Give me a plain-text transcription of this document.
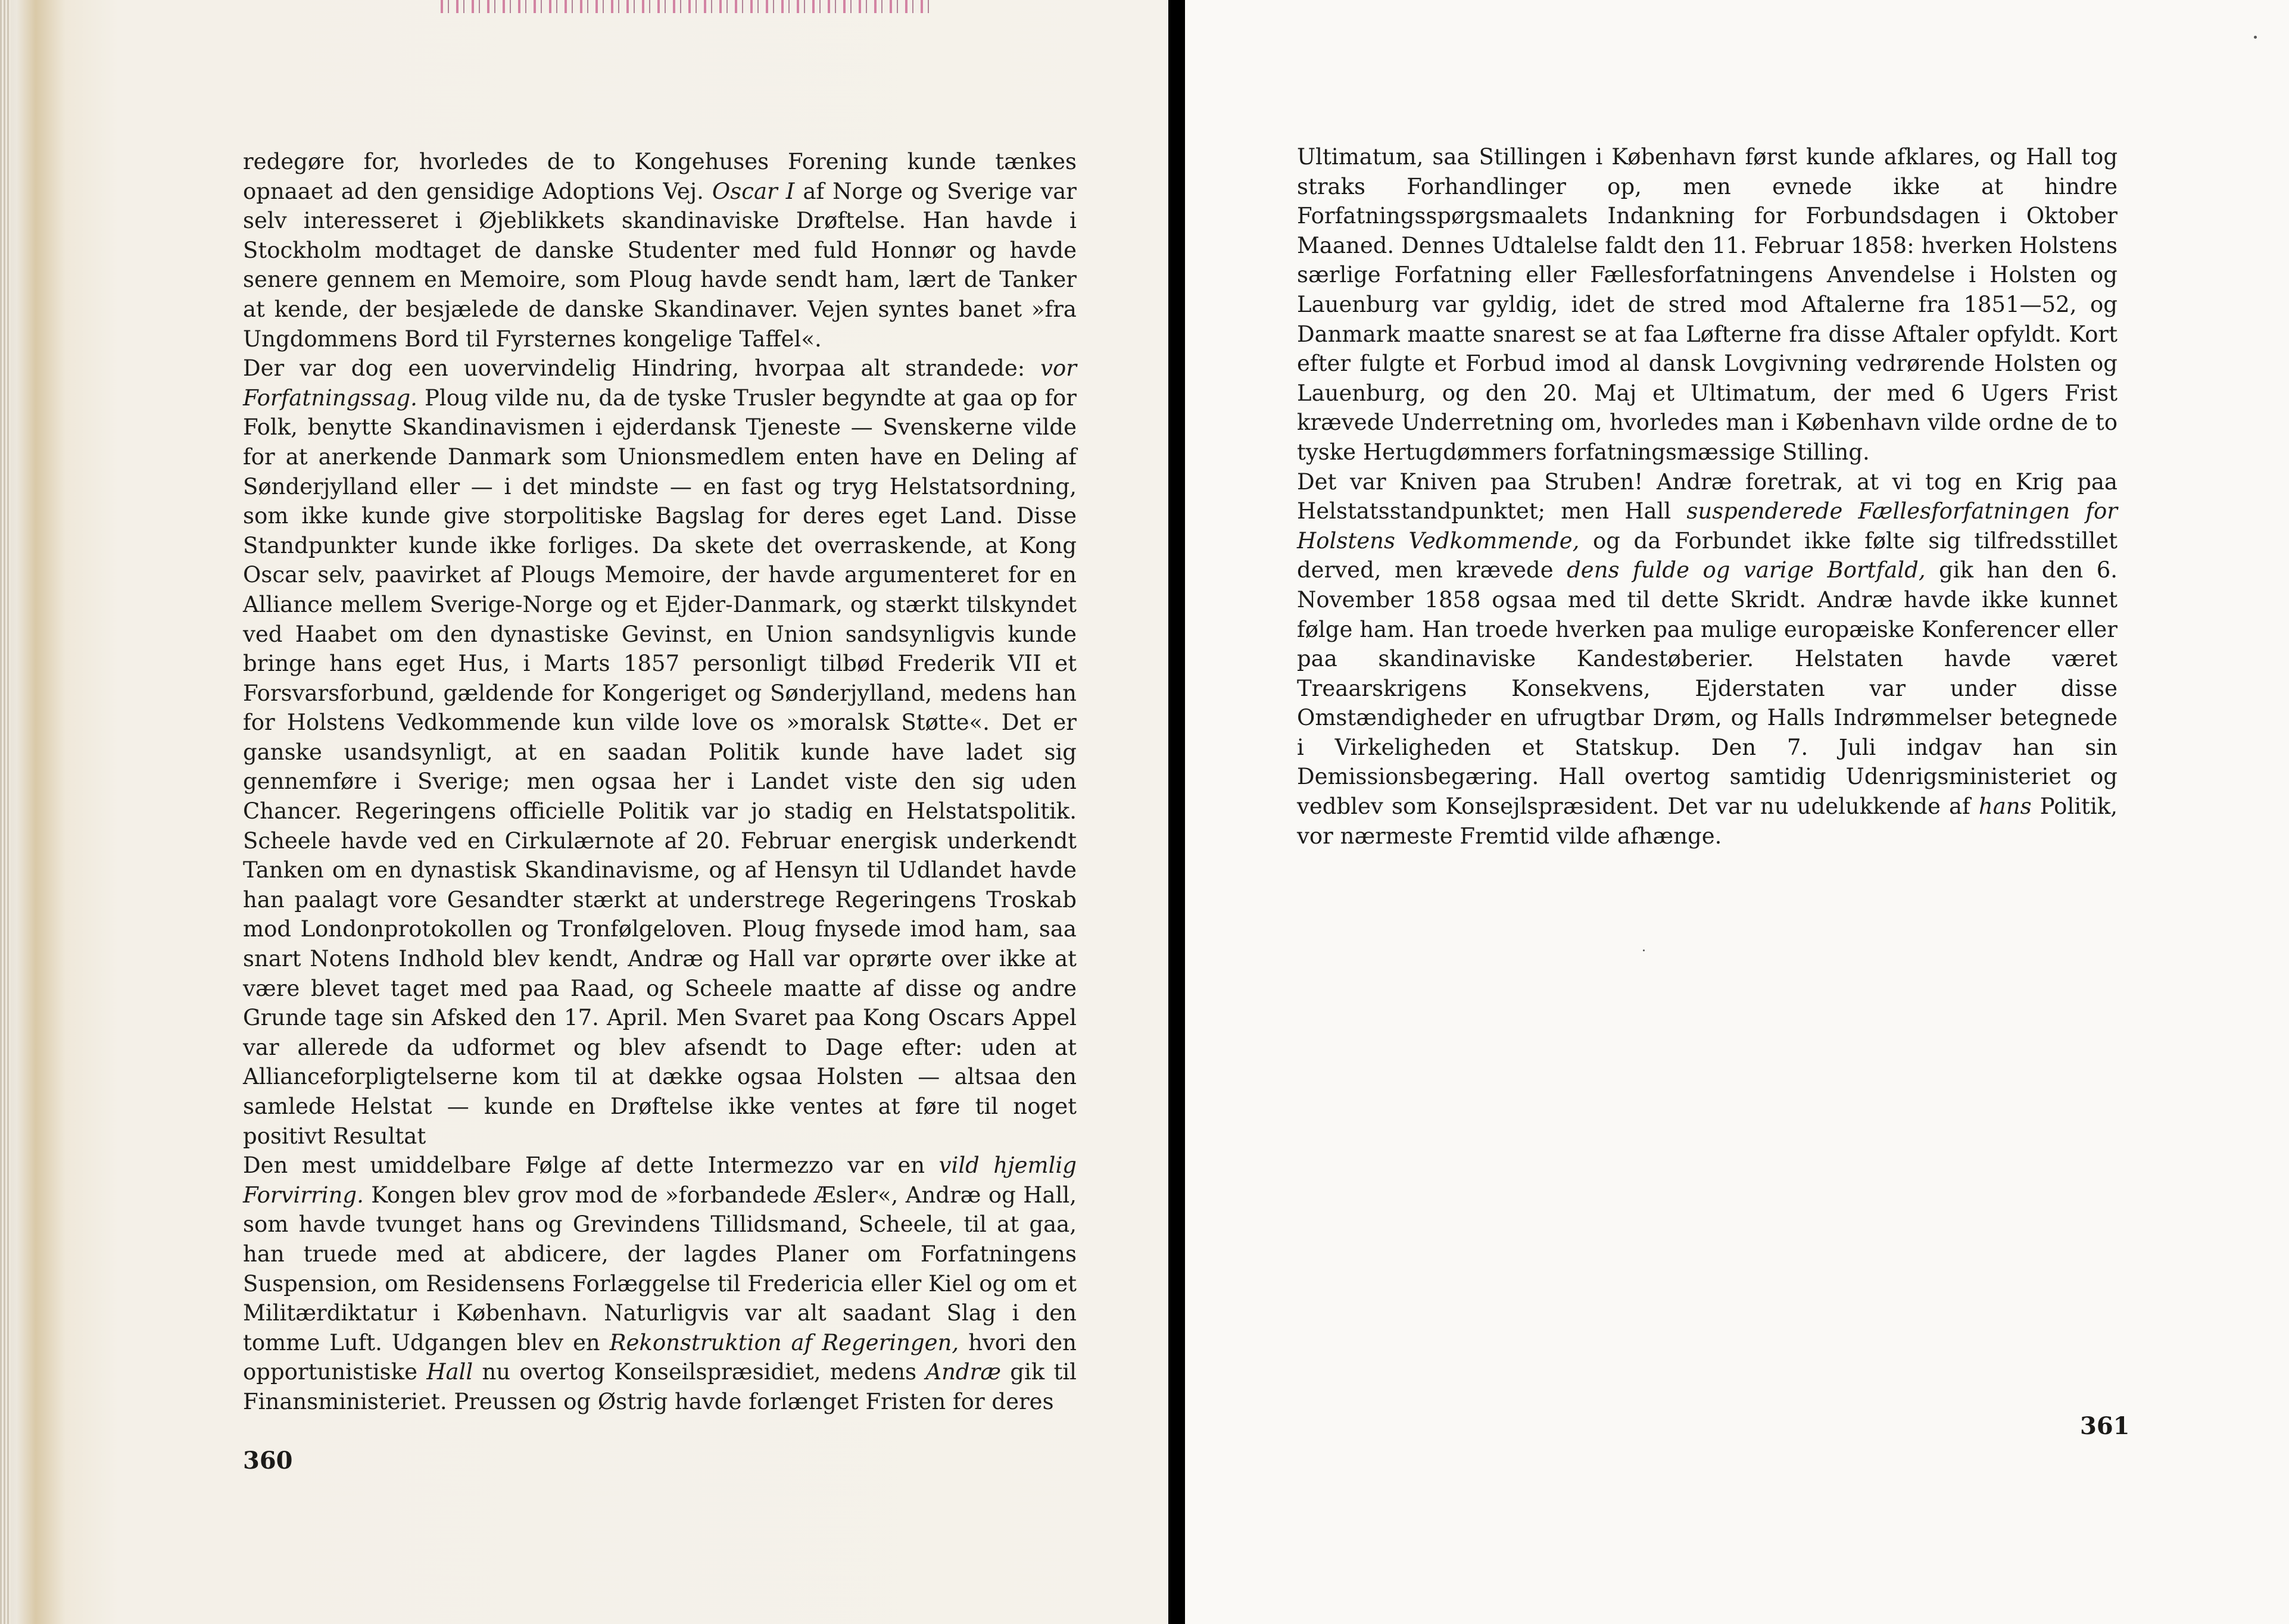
redegøre for, hvorledes de to Kongehuses Forening kunde tænkes opnaaet ad den gensidige Adoptions Vej. Oscar I af Norge og Sverige var selv interesseret i Øjeblikkets skandinaviske Drøftelse. Han havde i Stockholm modtaget de danske Studenter med fuld Honnør og havde senere gennem en Memoire, som Ploug havde sendt ham, lært de Tanker at kende, der besjælede de danske Skandinaver. Vejen syntes banet »fra Ungdommens Bord til Fyrsternes kongelige Taffel«.

Der var dog een uovervindelig Hindring, hvorpaa alt strandede: vor Forfatningssag. Ploug vilde nu, da de tyske Trusler begyndte at gaa op for Folk, benytte Skandinavismen i ejderdansk Tjeneste — Svenskerne vilde for at anerkende Danmark som Unionsmedlem enten have en Deling af Sønderjylland eller — i det mindste — en fast og tryg Helstatsordning, som ikke kunde give storpolitiske Bagslag for deres eget Land. Disse Standpunkter kunde ikke forliges. Da skete det overraskende, at Kong Oscar selv, paavirket af Plougs Memoire, der havde argumenteret for en Alliance mellem Sverige-Norge og et Ejder-Danmark, og stærkt tilskyndet ved Haabet om den dynastiske Gevinst, en Union sandsynligvis kunde bringe hans eget Hus, i Marts 1857 personligt tilbød Frederik VII et Forsvarsforbund, gældende for Kongeriget og Sønderjylland, medens han for Holstens Vedkommende kun vilde love os »moralsk Støtte«. Det er ganske usandsynligt, at en saadan Politik kunde have ladet sig gennemføre i Sverige; men ogsaa her i Landet viste den sig uden Chancer. Regeringens officielle Politik var jo stadig en Helstatspolitik. Scheele havde ved en Cirkulærnote af 20. Februar energisk underkendt Tanken om en dynastisk Skandinavisme, og af Hensyn til Udlandet havde han paalagt vore Gesandter stærkt at understrege Regeringens Troskab mod Londonprotokollen og Tronfølgeloven. Ploug fnysede imod ham, saa snart Notens Indhold blev kendt, Andræ og Hall var oprørte over ikke at være blevet taget med paa Raad, og Scheele maatte af disse og andre Grunde tage sin Afsked den 17. April. Men Svaret paa Kong Oscars Appel var allerede da udformet og blev afsendt to Dage efter: uden at Allianceforpligtelserne kom til at dække ogsaa Holsten — altsaa den samlede Helstat — kunde en Drøftelse ikke ventes at føre til noget positivt Resultat

Den mest umiddelbare Følge af dette Intermezzo var en vild hjemlig Forvirring. Kongen blev grov mod de »forbandede Æsler«, Andræ og Hall, som havde tvunget hans og Grevindens Tillidsmand, Scheele, til at gaa, han truede med at abdicere, der lagdes Planer om Forfatningens Suspension, om Residensens Forlæggelse til Fredericia eller Kiel og om et Militærdiktatur i København. Naturligvis var alt saadant Slag i den tomme Luft. Udgangen blev en Rekonstruktion af Regeringen, hvori den opportunistiske Hall nu overtog Konseilspræsidiet, medens Andræ gik til Finansministeriet. Preussen og Østrig havde forlænget Fristen for deres

360

Ultimatum, saa Stillingen i København først kunde afklares, og Hall tog straks Forhandlinger op, men evnede ikke at hindre Forfatningsspørgsmaalets Indankning for Forbundsdagen i Oktober Maaned. Dennes Udtalelse faldt den 11. Februar 1858: hverken Holstens særlige Forfatning eller Fællesforfatningens Anvendelse i Holsten og Lauenburg var gyldig, idet de stred mod Aftalerne fra 1851—52, og Danmark maatte snarest se at faa Løfterne fra disse Aftaler opfyldt. Kort efter fulgte et Forbud imod al dansk Lovgivning vedrørende Holsten og Lauenburg, og den 20. Maj et Ultimatum, der med 6 Ugers Frist krævede Underretning om, hvorledes man i København vilde ordne de to tyske Hertugdømmers forfatningsmæssige Stilling.

Det var Kniven paa Struben! Andræ foretrak, at vi tog en Krig paa Helstatsstandpunktet; men Hall suspenderede Fællesforfatningen for Holstens Vedkommende, og da Forbundet ikke følte sig tilfredsstillet derved, men krævede dens fulde og varige Bortfald, gik han den 6. November 1858 ogsaa med til dette Skridt. Andræ havde ikke kunnet følge ham. Han troede hverken paa mulige europæiske Konferencer eller paa skandinaviske Kandestøberier. Helstaten havde været Treaarskrigens Konsekvens, Ejderstaten var under disse Omstændigheder en ufrugtbar Drøm, og Halls Indrømmelser betegnede i Virkeligheden et Statskup. Den 7. Juli indgav han sin Demissionsbegæring. Hall overtog samtidig Udenrigsministeriet og vedblev som Konsejlspræsident. Det var nu udelukkende af hans Politik, vor nærmeste Fremtid vilde afhænge.

361
